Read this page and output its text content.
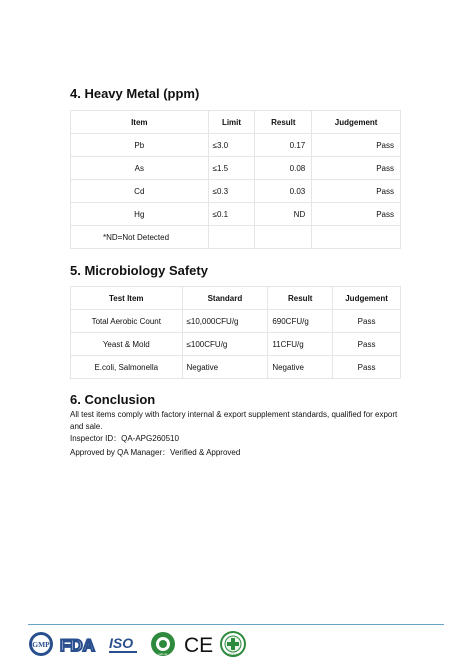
4. Heavy Metal (ppm)
Item	Limit	Result	Judgement
Pb	≤3.0	0.17	Pass
As	≤1.5	0.08	Pass
Cd	≤0.3	0.03	Pass
Hg	≤0.1	ND	Pass
*ND=Not Detected			
5. Microbiology Safety
Test Item	Standard	Result	Judgement
Total Aerobic Count	≤10,000CFU/g	690CFU/g	Pass
Yeast & Mold	≤100CFU/g	11CFU/g	Pass
E.coli, Salmonella	Negative	Negative	Pass
6. Conclusion

All test items comply with factory internal & export supplement standards, qualified for export and sale.

Inspector ID：QA-APG260510

Approved by QA Manager：Verified & Approved

GMP FDA ISO
HALAL CE	ORGANIC
